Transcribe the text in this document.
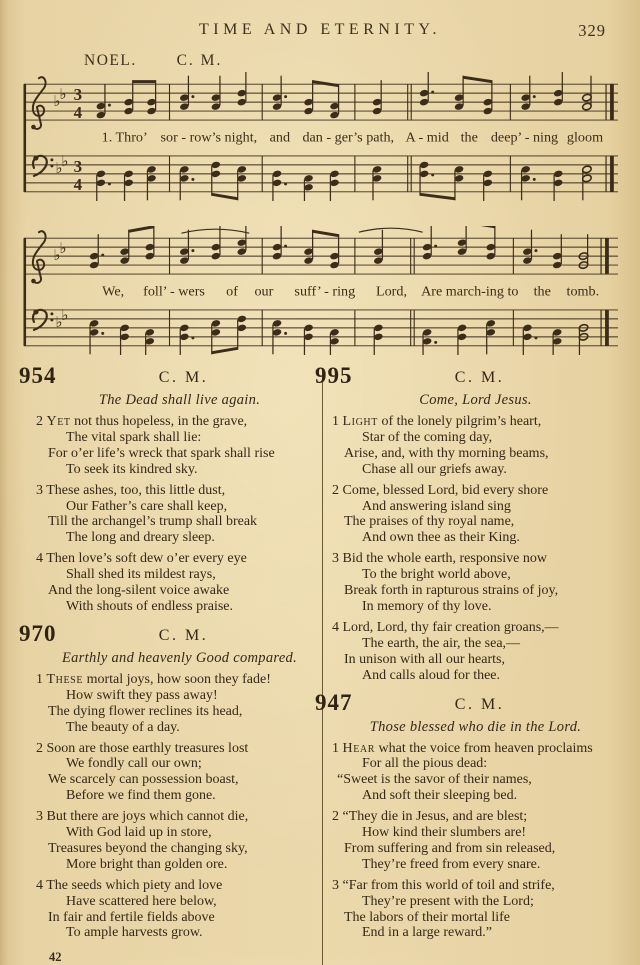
TIME AND ETERNITY.	329
NOEL.	C. M.
♭
♭
♭
♭
3
4
3
4
1. Thro’ sor - row’s night, and dan - ger’s path, A - mid the deep’ - ning gloom
♭
♭
♭
♭
We, foll’ - wers of our suff’ - ring Lord, Are march-ing to the tomb.
954	C. M.
The Dead shall live again.
2 Yet not thus hopeless, in the grave,
The vital spark shall lie:
For o’er life’s wreck that spark shall rise
To seek its kindred sky.
3 These ashes, too, this little dust,
Our Father’s care shall keep,
Till the archangel’s trump shall break
The long and dreary sleep.
4 Then love’s soft dew o’er every eye
Shall shed its mildest rays,
And the long-silent voice awake
With shouts of endless praise.
970	C. M.
Earthly and heavenly Good compared.
1 These mortal joys, how soon they fade!
How swift they pass away!
The dying flower reclines its head,
The beauty of a day.
2 Soon are those earthly treasures lost
We fondly call our own;
We scarcely can possession boast,
Before we find them gone.
3 But there are joys which cannot die,
With God laid up in store,
Treasures beyond the changing sky,
More bright than golden ore.
4 The seeds which piety and love
Have scattered here below,
In fair and fertile fields above
To ample harvests grow.
42
995	C. M.
Come, Lord Jesus.
1 Light of the lonely pilgrim’s heart,
Star of the coming day,
Arise, and, with thy morning beams,
Chase all our griefs away.
2 Come, blessed Lord, bid every shore
And answering island sing
The praises of thy royal name,
And own thee as their King.
3 Bid the whole earth, responsive now
To the bright world above,
Break forth in rapturous strains of joy,
In memory of thy love.
4 Lord, Lord, thy fair creation groans,—
The earth, the air, the sea,—
In unison with all our hearts,
And calls aloud for thee.
947	C. M.
Those blessed who die in the Lord.
1 Hear what the voice from heaven proclaims
For all the pious dead:
“Sweet is the savor of their names,
And soft their sleeping bed.
2 “They die in Jesus, and are blest;
How kind their slumbers are!
From suffering and from sin released,
They’re freed from every snare.
3 “Far from this world of toil and strife,
They’re present with the Lord;
The labors of their mortal life
End in a large reward.”
